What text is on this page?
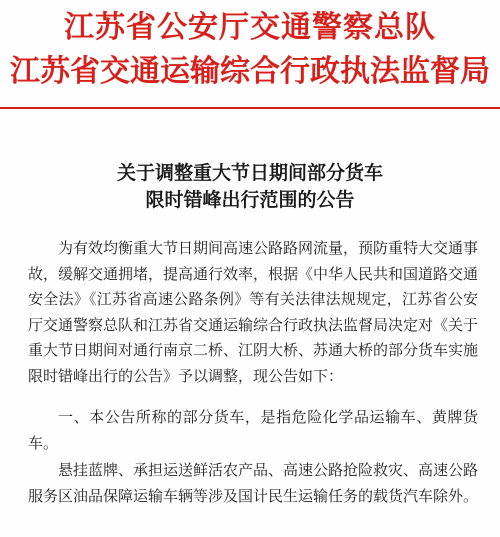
江苏省公安厅交通警察总队
江苏省交通运输综合行政执法监督局
关于调整重大节日期间部分货车
限时错峰出行范围的公告

为有效均衡重大节日期间高速公路路网流量，预防重特大交通事故，缓解交通拥堵，提高通行效率，根据《中华人民共和国道路交通安全法》《江苏省高速公路条例》等有关法律法规规定，江苏省公安厅交通警察总队和江苏省交通运输综合行政执法监督局决定对《关于重大节日期间对通行南京二桥、江阴大桥、苏通大桥的部分货车实施限时错峰出行的公告》予以调整，现公告如下：

一、本公告所称的部分货车，是指危险化学品运输车、黄牌货车。

悬挂蓝牌、承担运送鲜活农产品、高速公路抢险救灾、高速公路服务区油品保障运输车辆等涉及国计民生运输任务的载货汽车除外。
